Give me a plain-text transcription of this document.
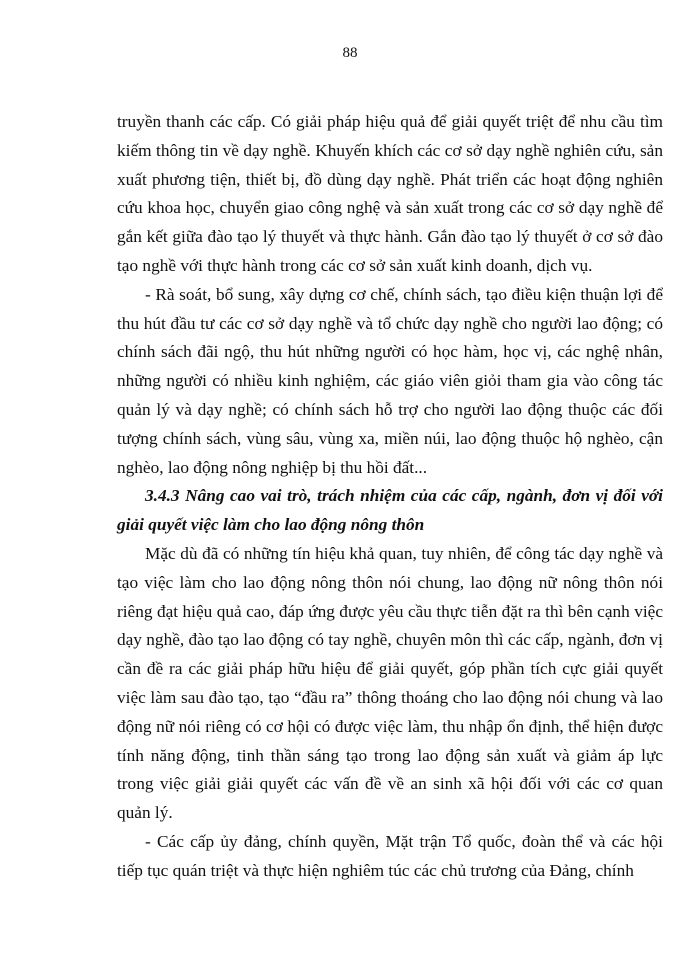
88

truyền thanh các cấp. Có giải pháp hiệu quả để giải quyết triệt để nhu cầu tìm kiếm thông tin về dạy nghề. Khuyến khích các cơ sở dạy nghề nghiên cứu, sản xuất phương tiện, thiết bị, đồ dùng dạy nghề. Phát triển các hoạt động nghiên cứu khoa học, chuyển giao công nghệ và sản xuất trong các cơ sở dạy nghề để gắn kết giữa đào tạo lý thuyết và thực hành. Gắn đào tạo lý thuyết ở cơ sở đào tạo nghề với thực hành trong các cơ sở sản xuất kinh doanh, dịch vụ.

- Rà soát, bổ sung, xây dựng cơ chế, chính sách, tạo điều kiện thuận lợi để thu hút đầu tư các cơ sở dạy nghề và tổ chức dạy nghề cho người lao động; có chính sách đãi ngộ, thu hút những người có học hàm, học vị, các nghệ nhân, những người có nhiều kinh nghiệm, các giáo viên giỏi tham gia vào công tác quản lý và dạy nghề; có chính sách hỗ trợ cho người lao động thuộc các đối tượng chính sách, vùng sâu, vùng xa, miền núi, lao động thuộc hộ nghèo, cận nghèo, lao động nông nghiệp bị thu hồi đất...

3.4.3 Nâng cao vai trò, trách nhiệm của các cấp, ngành, đơn vị đối với giải quyết việc làm cho lao động nông thôn

Mặc dù đã có những tín hiệu khả quan, tuy nhiên, để công tác dạy nghề và tạo việc làm cho lao động nông thôn nói chung, lao động nữ nông thôn nói riêng đạt hiệu quả cao, đáp ứng được yêu cầu thực tiễn đặt ra thì bên cạnh việc dạy nghề, đào tạo lao động có tay nghề, chuyên môn thì các cấp, ngành, đơn vị cần đề ra các giải pháp hữu hiệu để giải quyết, góp phần tích cực giải quyết việc làm sau đào tạo, tạo “đầu ra” thông thoáng cho lao động nói chung và lao động nữ nói riêng có cơ hội có được việc làm, thu nhập ổn định, thể hiện được tính năng động, tinh thần sáng tạo trong lao động sản xuất và giảm áp lực trong việc giải giải quyết các vấn đề về an sinh xã hội đối với các cơ quan quản lý.

- Các cấp ủy đảng, chính quyền, Mặt trận Tổ quốc, đoàn thể và các hội tiếp tục quán triệt và thực hiện nghiêm túc các chủ trương của Đảng, chính
